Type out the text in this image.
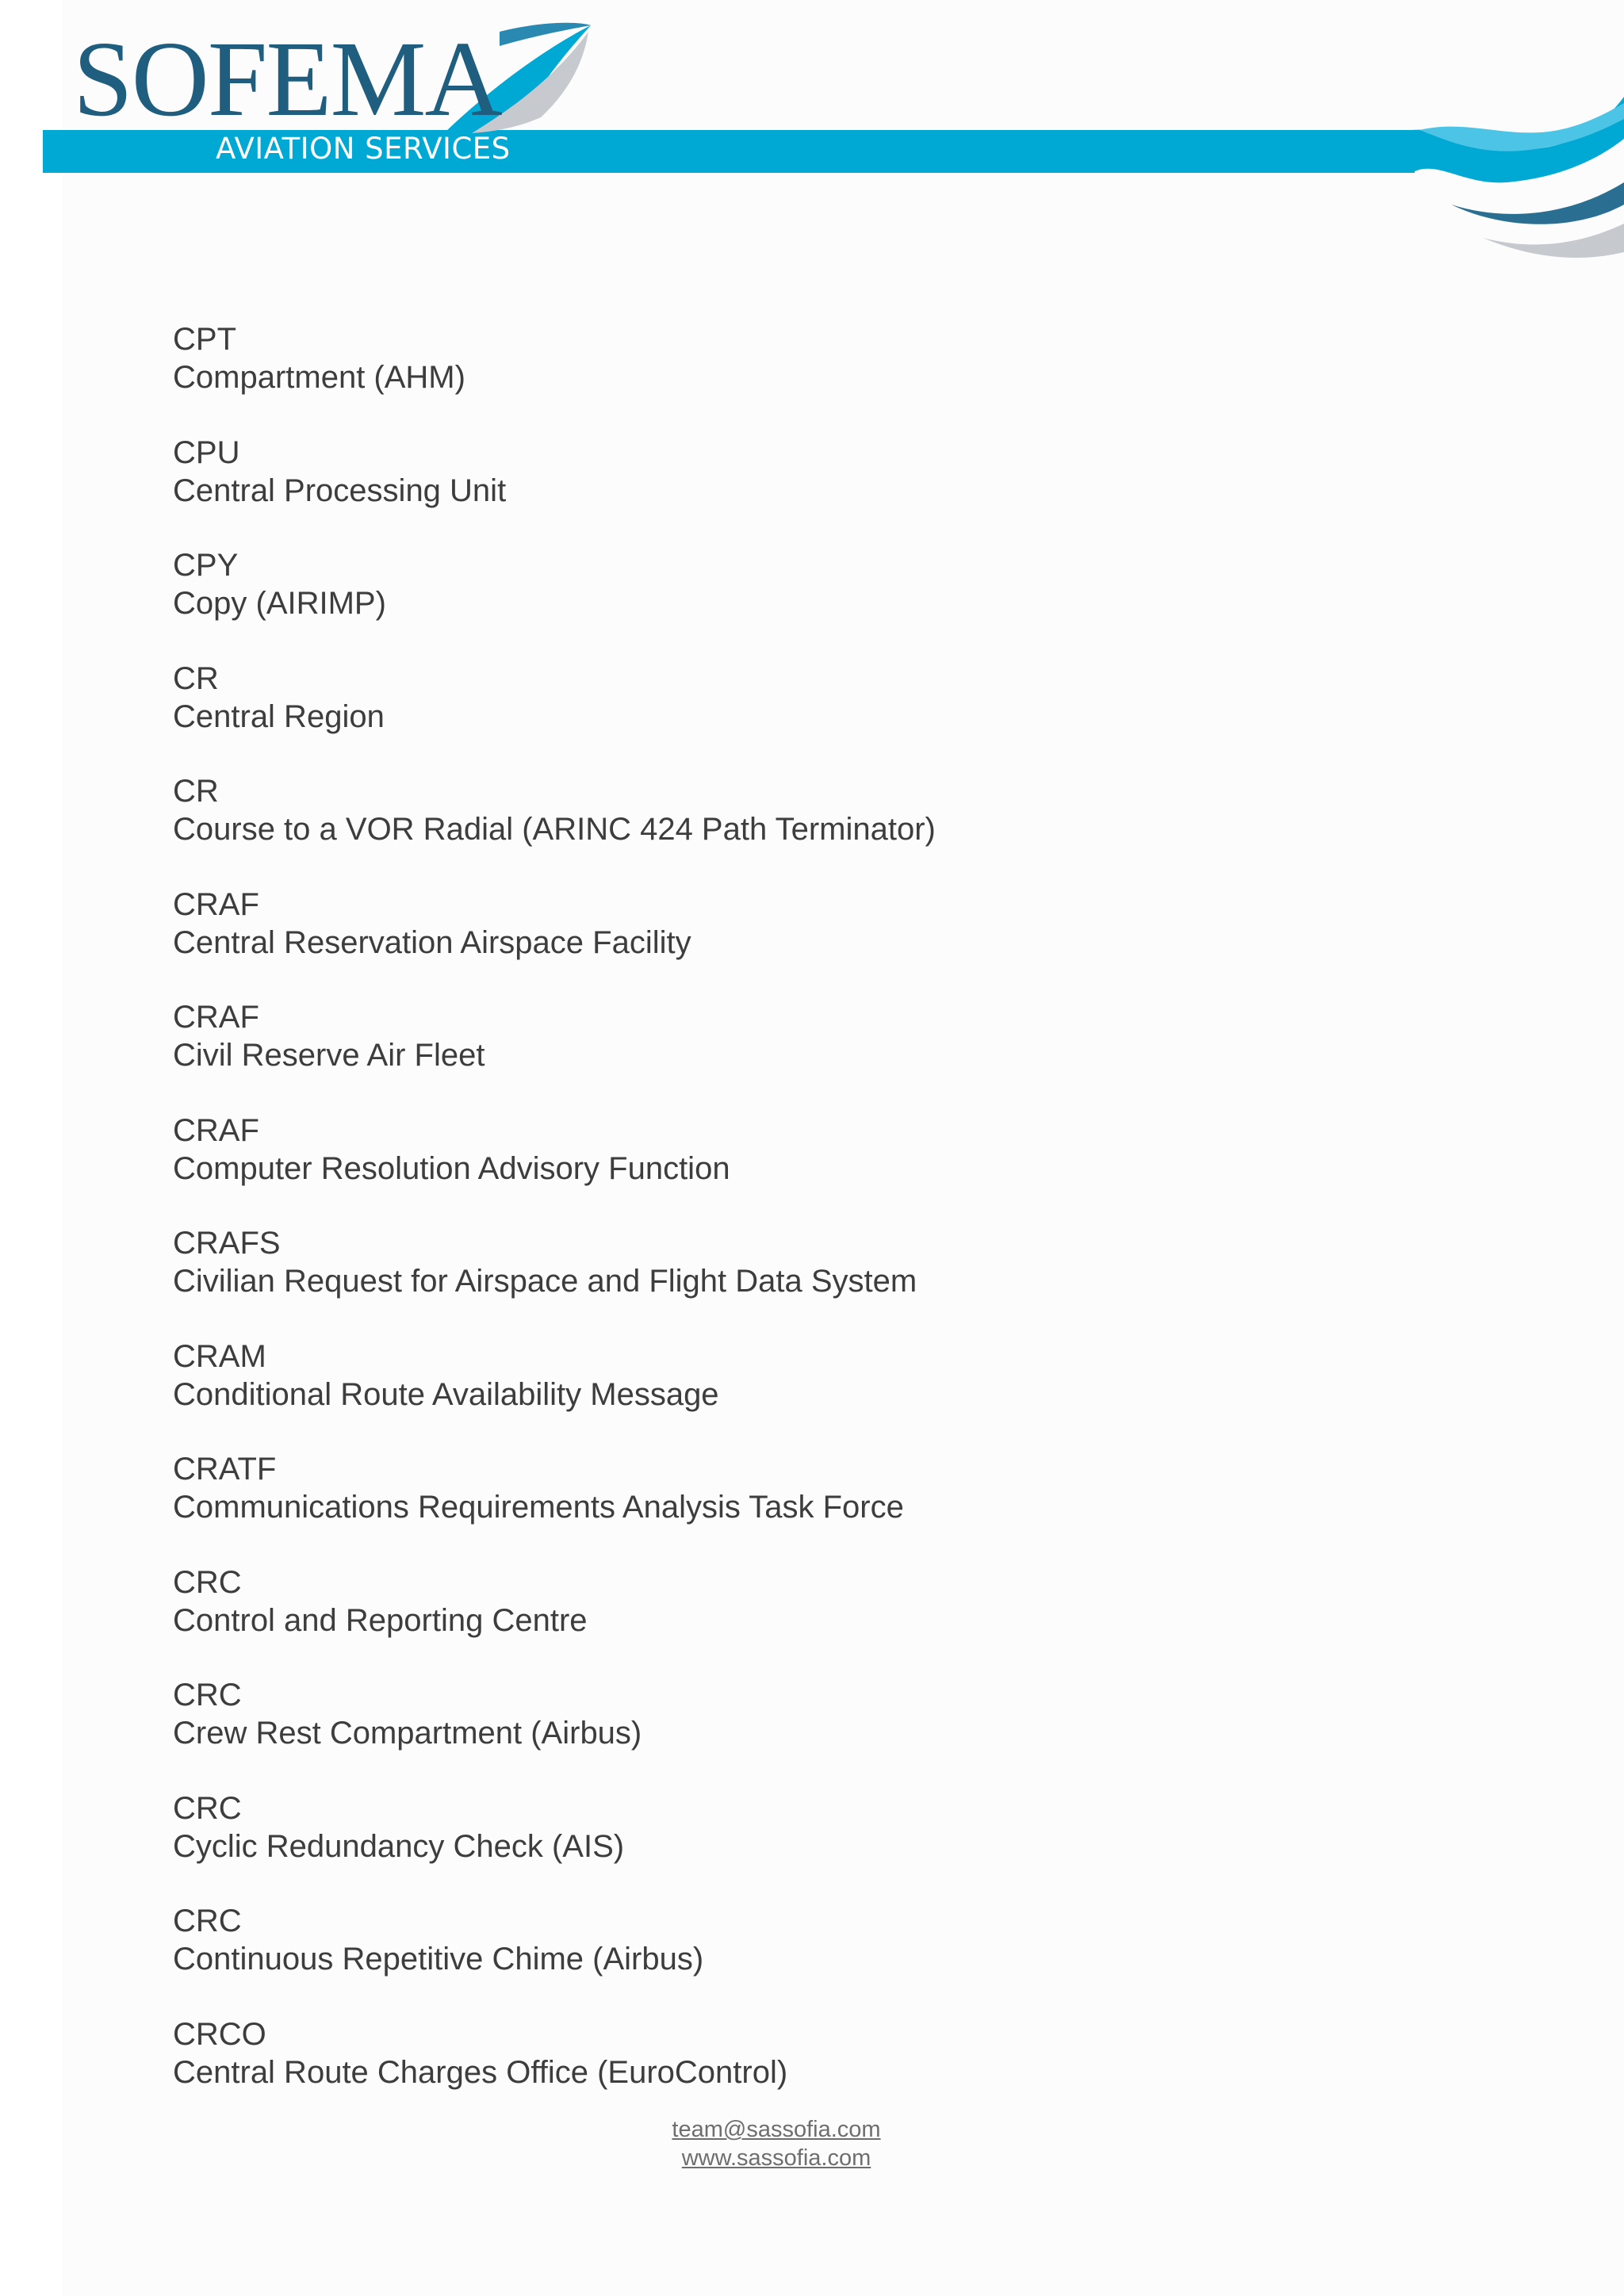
SOFEMA
AVIATION SERVICES
CPT
Compartment (AHM)
CPU
Central Processing Unit
CPY
Copy (AIRIMP)
CR
Central Region
CR
Course to a VOR Radial (ARINC 424 Path Terminator)
CRAF
Central Reservation Airspace Facility
CRAF
Civil Reserve Air Fleet
CRAF
Computer Resolution Advisory Function
CRAFS
Civilian Request for Airspace and Flight Data System
CRAM
Conditional Route Availability Message
CRATF
Communications Requirements Analysis Task Force
CRC
Control and Reporting Centre
CRC
Crew Rest Compartment (Airbus)
CRC
Cyclic Redundancy Check (AIS)
CRC
Continuous Repetitive Chime (Airbus)
CRCO
Central Route Charges Office (EuroControl)
team@sassofia.com
www.sassofia.com
